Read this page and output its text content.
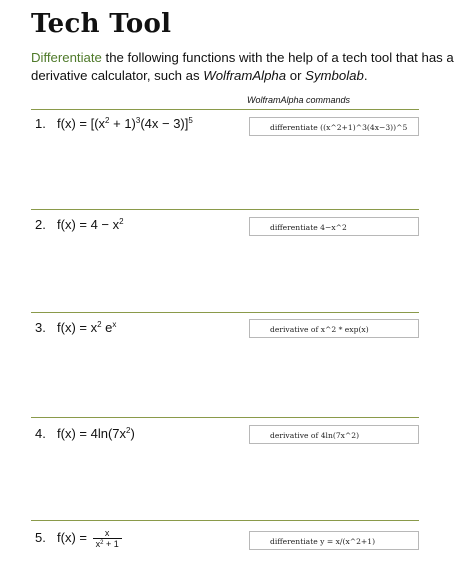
Tech Tool
Differentiate the following functions with the help of a tech tool that has a
derivative calculator, such as WolframAlpha or Symbolab.
WolframAlpha commands
1. $f(x) = [(x^2 + 1)^3(4x - 3)]^5$
differentiate ((x^2+1)^3(4x−3))^5
2. $f(x) = 4 - x^2$
differentiate 4−x^2
3. $f(x) = x^2$ $e^x$
derivative of x^2 * exp(x)
4. $f(x) = 4\ln(7x^2)$	derivative of 4ln(7x^2)
5. $f(x) = \frac{x}{x^2 + 1}$	differentiate y = x/(x^2+1)
